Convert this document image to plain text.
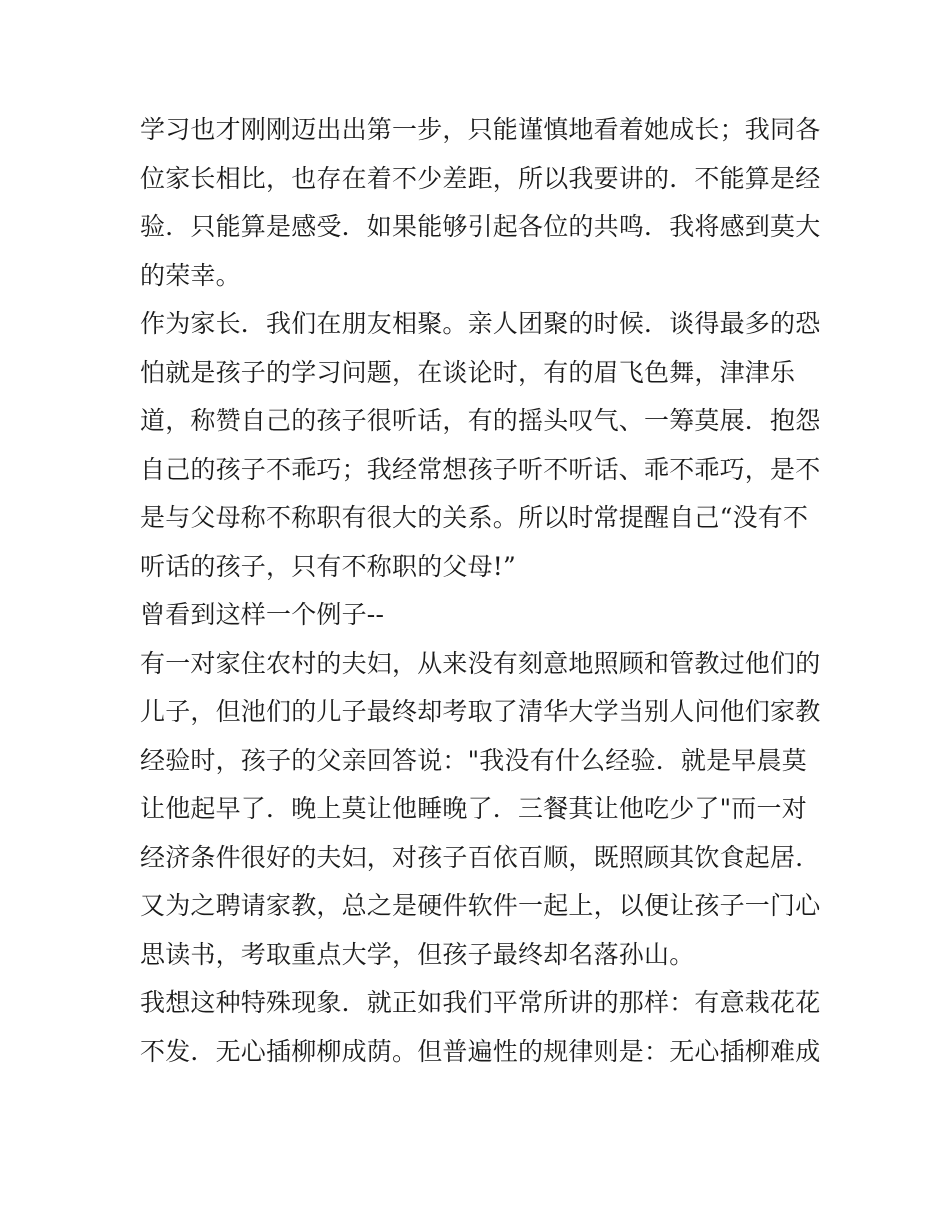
学习也才刚刚迈出出第一步，只能谨慎地看着她成长；我同各
位家长相比，也存在着不少差距，所以我要讲的．不能算是经
验．只能算是感受．如果能够引起各位的共鸣．我将感到莫大
的荣幸。
作为家长．我们在朋友相聚。亲人团聚的时候．谈得最多的恐
怕就是孩子的学习问题，在谈论时，有的眉飞色舞，津津乐
道，称赞自己的孩子很听话，有的摇头叹气、一筹莫展．抱怨
自己的孩子不乖巧；我经常想孩子听不听话、乖不乖巧，是不
是与父母称不称职有很大的关系。所以时常提醒自己“没有不
听话的孩子，只有不称职的父母!”
曾看到这样一个例子--
有一对家住农村的夫妇，从来没有刻意地照顾和管教过他们的
儿子，但池们的儿子最终却考取了清华大学当别人问他们家教
经验时，孩子的父亲回答说："我没有什么经验．就是早晨莫
让他起早了．晚上莫让他睡晚了．三餐萁让他吃少了"而一对
经济条件很好的夫妇，对孩子百依百顺，既照顾其饮食起居．
又为之聘请家教，总之是硬件软件一起上，以便让孩子一门心
思读书，考取重点大学，但孩子最终却名落孙山。
我想这种特殊现象．就正如我们平常所讲的那样：有意栽花花
不发．无心插柳柳成荫。但普遍性的规律则是：无心插柳难成
